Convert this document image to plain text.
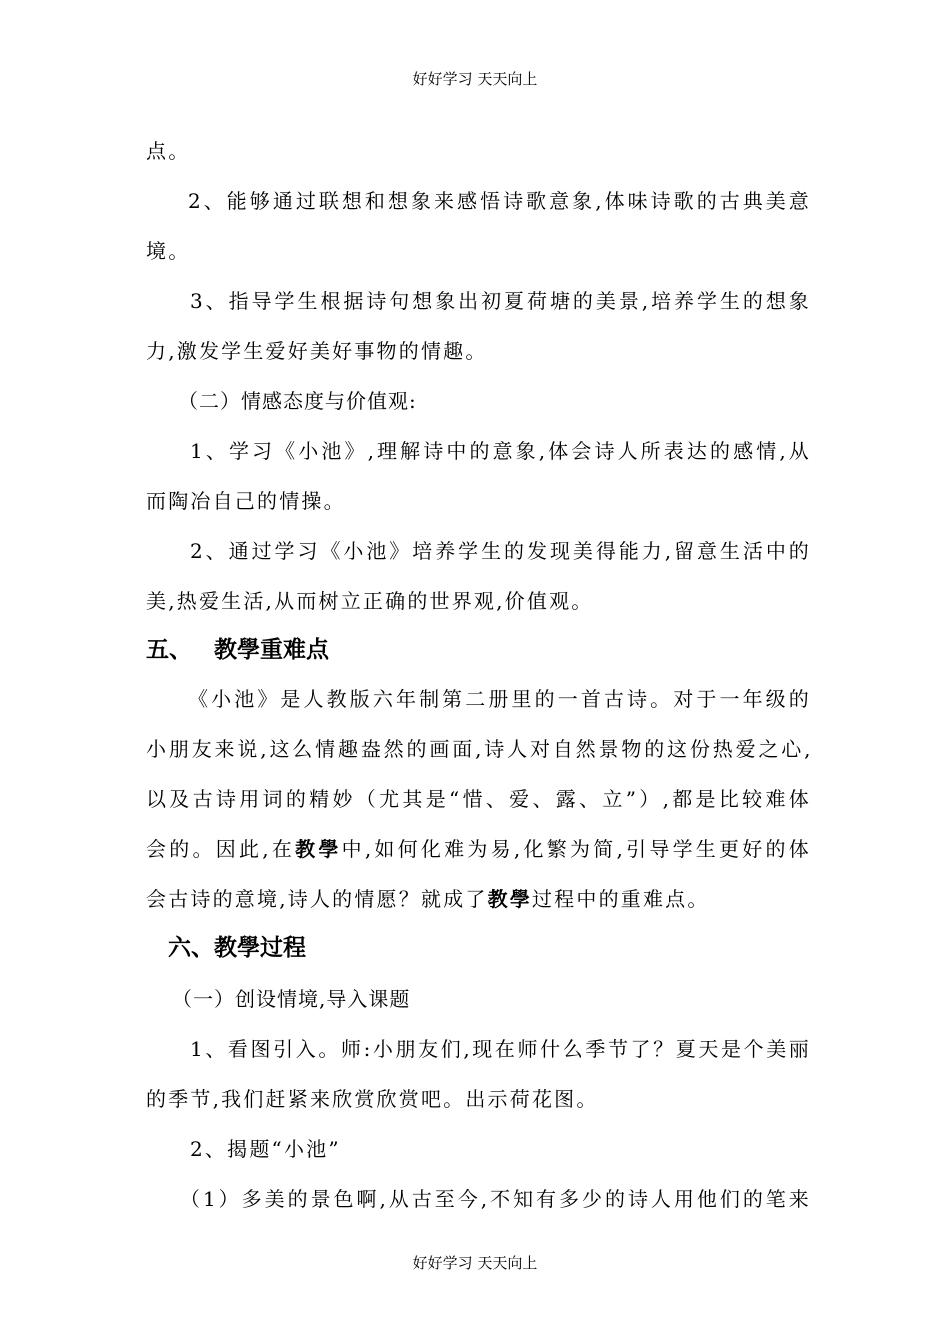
好好学习 天天向上
点。
2、能够通过联想和想象来感悟诗歌意象,体味诗歌的古典美意
境。
3、指导学生根据诗句想象出初夏荷塘的美景,培养学生的想象
力,激发学生爱好美好事物的情趣。
（二）情感态度与价值观:
1、学习《小池》,理解诗中的意象,体会诗人所表达的感情,从
而陶冶自己的情操。
2、通过学习《小池》培养学生的发现美得能力,留意生活中的
美,热爱生活,从而树立正确的世界观,价值观。
五、 教學重难点
《小池》是人教版六年制第二册里的一首古诗。对于一年级的
小朋友来说,这么情趣盎然的画面,诗人对自然景物的这份热爱之心,
以及古诗用词的精妙（尤其是“惜、爱、露、立”）,都是比较难体
会的。因此,在教學中,如何化难为易,化繁为简,引导学生更好的体
会古诗的意境,诗人的情愿？就成了教學过程中的重难点。
六、教學过程
（一）创设情境,导入课题
1、看图引入。师:小朋友们,现在师什么季节了？夏天是个美丽
的季节,我们赶紧来欣赏欣赏吧。出示荷花图。
2、揭题“小池”
（1）多美的景色啊,从古至今,不知有多少的诗人用他们的笔来
好好学习 天天向上
